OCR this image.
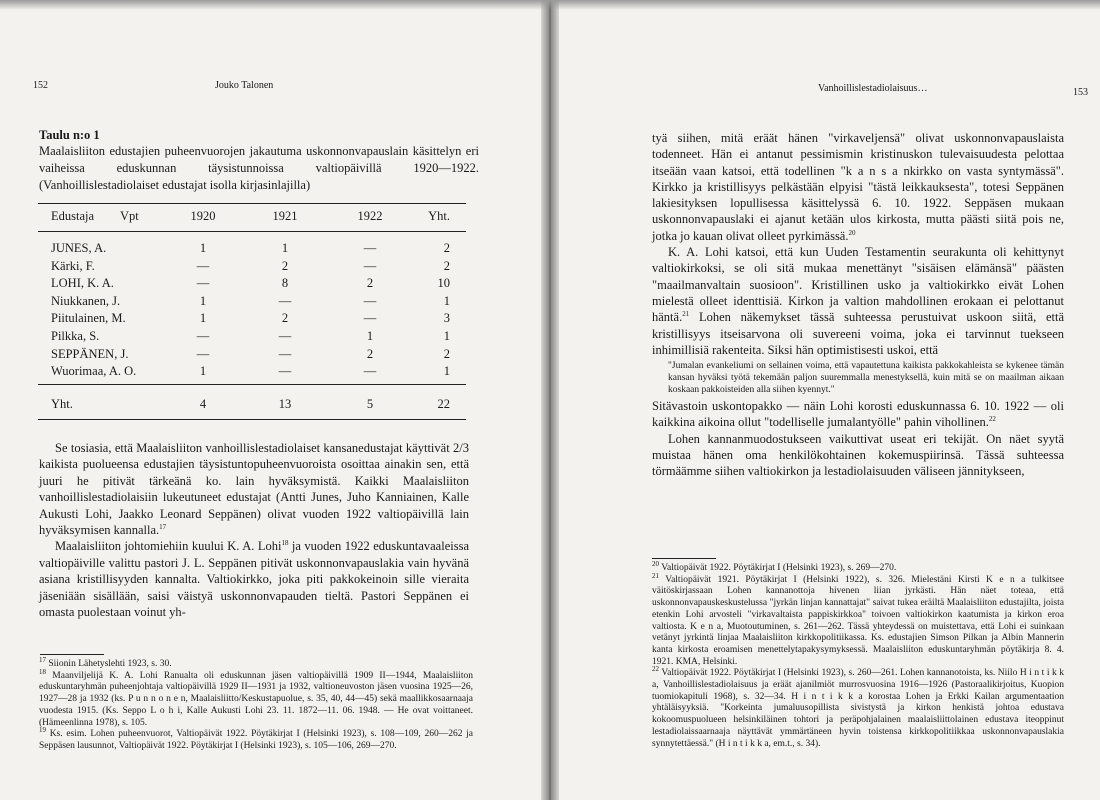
152	Jouko Talonen
Taulu n:o 1
Maalaisliiton edustajien puheenvuorojen jakautuma uskonnonvapauslain käsittelyn eri vaiheissa eduskunnan täysistunnoissa valtiopäivillä 1920—1922. (Vanhoillislestadiolaiset edustajat isolla kirjasinlajilla)
Edustaja Vpt	1920	1921	1922	Yht.
JUNES, A.	1	1	—	2
Kärki, F.	—	2	—	2
LOHI, K. A.	—	8	2	10
Niukkanen, J.	1	—	—	1
Piitulainen, M.	1	2	—	3
Pilkka, S.	—	—	1	1
SEPPÄNEN, J.	—	—	2	2
Wuorimaa, A. O.	1	—	—	1
Yht.	4	13	5	22

Se tosiasia, että Maalaisliiton vanhoillislestadiolaiset kansanedustajat käyttivät 2/3 kaikista puolueensa edustajien täysistuntopuheenvuoroista osoittaa ainakin sen, että juuri he pitivät tärkeänä ko. lain hyväksymistä. Kaikki Maalaisliiton vanhoillislestadiolaisiin lukeutuneet edustajat (Antti Junes, Juho Kanniainen, Kalle Aukusti Lohi, Jaakko Leonard Seppänen) olivat vuoden 1922 valtiopäivillä lain hyväksymisen kannalla.$^{17}$

Maalaisliiton johtomiehiin kuului K. A. Lohi$^{18}$ ja vuoden 1922 eduskuntavaaleissa valtiopäiville valittu pastori J. L. Seppänen pitivät uskonnonvapauslakia vain hyvänä asiana kristillisyyden kannalta. Valtiokirkko, joka piti pakkokeinoin sille vieraita jäseniään sisällään, saisi väistyä uskonnonvapauden tieltä. Pastori Seppänen ei omasta puolestaan voinut yh-

$^{17}$ Siionin Lähetyslehti 1923, s. 30.

$^{18}$ Maanviljelijä K. A. Lohi Ranualta oli eduskunnan jäsen valtiopäivillä 1909 II—1944, Maalaisliiton eduskuntaryhmän puheenjohtaja valtiopäivillä 1929 II—1931 ja 1932, valtioneuvoston jäsen vuosina 1925—26, 1927—28 ja 1932 (ks. P u n n o n e n, Maalaisliitto/Keskustapuolue, s. 35, 40, 44—45) sekä maallikkosaarnaaja vuodesta 1915. (Ks. Seppo L o h i, Kalle Aukusti Lohi 23. 11. 1872—11. 06. 1948. — He ovat voittaneet. (Hämeenlinna 1978), s. 105.

$^{19}$ Ks. esim. Lohen puheenvuorot, Valtiopäivät 1922. Pöytäkirjat I (Helsinki 1923), s. 108—109, 260—262 ja Seppäsen lausunnot, Valtiopäivät 1922. Pöytäkirjat I (Helsinki 1923), s. 105—106, 269—270.

Vanhoillislestadiolaisuus…	153

tyä siihen, mitä eräät hänen "virkaveljensä" olivat uskonnonvapauslaista todenneet. Hän ei antanut pessimismin kristinuskon tulevaisuudesta pelottaa itseään vaan katsoi, että todellinen "k a n s a nkirkko on vasta syntymässä". Kirkko ja kristillisyys pelkästään elpyisi "tästä leikkauksesta", totesi Seppänen lakiesityksen lopullisessa käsittelyssä 6. 10. 1922. Seppäsen mukaan uskonnonvapauslaki ei ajanut ketään ulos kirkosta, mutta päästi siitä pois ne, jotka jo kauan olivat olleet pyrkimässä.$^{20}$

K. A. Lohi katsoi, että kun Uuden Testamentin seurakunta oli kehittynyt valtiokirkoksi, se oli sitä mukaa menettänyt "sisäisen elämänsä" päästen "maailmanvaltain suosioon". Kristillinen usko ja valtiokirkko eivät Lohen mielestä olleet identtisiä. Kirkon ja valtion mahdollinen erokaan ei pelottanut häntä.$^{21}$ Lohen näkemykset tässä suhteessa perustuivat uskoon siitä, että kristillisyys itseisarvona oli suvereeni voima, joka ei tarvinnut tuekseen inhimillisiä rakenteita. Siksi hän optimistisesti uskoi, että

"Jumalan evankeliumi on sellainen voima, että vapautettuna kaikista pakkokahleista se kykenee tämän kansan hyväksi työtä tekemään paljon suuremmalla menestyksellä, kuin mitä se on maailman aikaan koskaan pakkoisteiden alla siihen kyennyt."

Sitävastoin uskontopakko — näin Lohi korosti eduskunnassa 6. 10. 1922 — oli kaikkina aikoina ollut "todelliselle jumalantyölle" pahin vihollinen.$^{22}$

Lohen kannanmuodostukseen vaikuttivat useat eri tekijät. On näet syytä muistaa hänen oma henkilökohtainen kokemuspiirinsä. Tässä suhteessa törmäämme siihen valtiokirkon ja lestadiolaisuuden väliseen jännitykseen,

$^{20}$ Valtiopäivät 1922. Pöytäkirjat I (Helsinki 1923), s. 269—270.

$^{21}$ Valtiopäivät 1921. Pöytäkirjat I (Helsinki 1922), s. 326. Mielestäni Kirsti K e n a tulkitsee väitöskirjassaan Lohen kannanottoja hivenen liian jyrkästi. Hän näet toteaa, että uskonnonvapauskeskustelussa "jyrkän linjan kannattajat" saivat tukea eräiltä Maalaisliiton edustajilta, joista etenkin Lohi arvosteli "virkavaltaista pappiskirkkoa" toivoen valtiokirkon kaatumista ja kirkon eroa valtiosta. K e n a, Muotoutuminen, s. 261—262. Tässä yhteydessä on muistettava, että Lohi ei suinkaan vetänyt jyrkintä linjaa Maalaisliiton kirkkopolitiikassa. Ks. edustajien Simson Pilkan ja Albin Mannerin kanta kirkosta eroamisen menettelytapakysymyksessä. Maalaisliiton eduskuntaryhmän pöytäkirja 8. 4. 1921. KMA, Helsinki.

$^{22}$ Valtiopäivät 1922. Pöytäkirjat I (Helsinki 1923), s. 260—261. Lohen kannanotoista, ks. Niilo H i n t i k k a, Vanhoillislestadiolaisuus ja eräät ajanilmiöt murrosvuosina 1916—1926 (Pastoraalikirjoitus, Kuopion tuomiokapituli 1968), s. 32—34. H i n t i k k a korostaa Lohen ja Erkki Kailan argumentaation yhtäläisyyksiä. "Korkeinta jumaluusopillista sivistystä ja kirkon henkistä johtoa edustava kokoomuspuolueen helsinkiläinen tohtori ja peräpohjalainen maalaisliittolainen edustava iteoppinut lestadiolaissaarnaaja näyttävät ymmärtäneen hyvin toistensa kirkkopolitiikkaa uskonnonvapauslakia synnytettäessä." (H i n t i k k a, em.t., s. 34).
